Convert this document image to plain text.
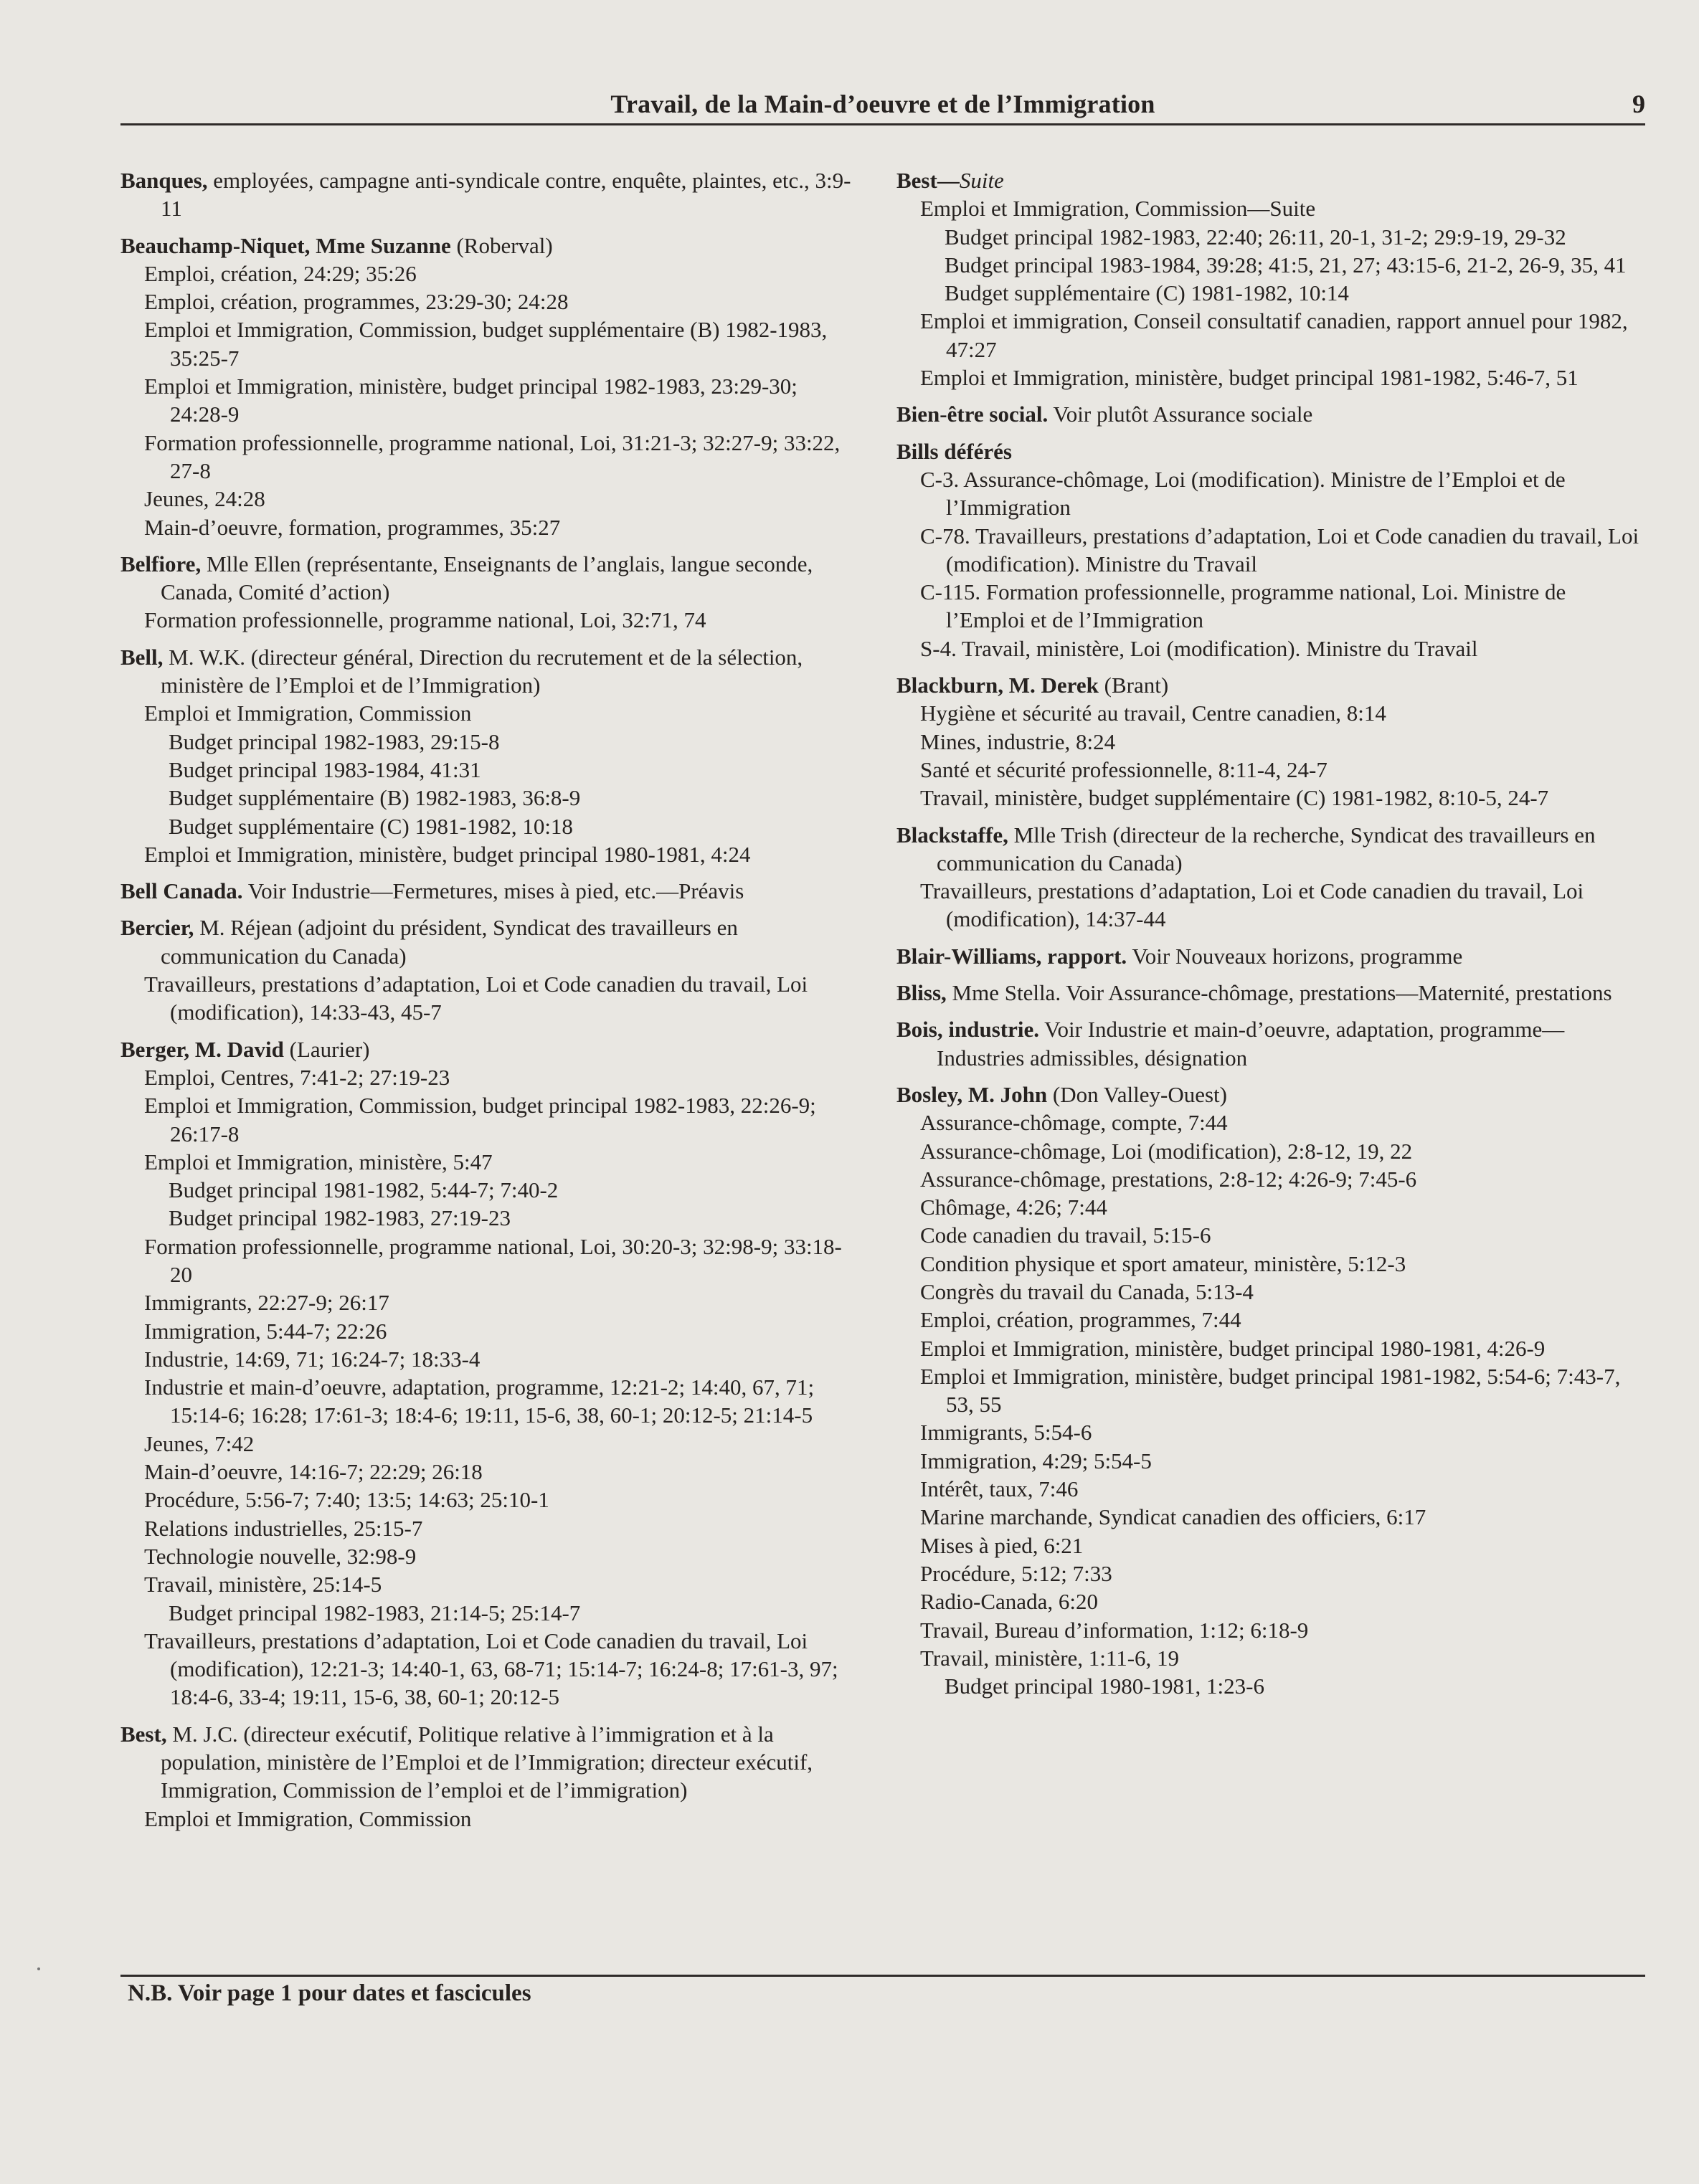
Travail, de la Main-d’oeuvre et de l’Immigration	9
Banques, employées, campagne anti-syndicale contre, enquête, plaintes, etc., 3:9-11
Beauchamp-Niquet, Mme Suzanne (Roberval)
Emploi, création, 24:29; 35:26
Emploi, création, programmes, 23:29-30; 24:28
Emploi et Immigration, Commission, budget supplémentaire (B) 1982-1983, 35:25-7
Emploi et Immigration, ministère, budget principal 1982-1983, 23:29-30; 24:28-9
Formation professionnelle, programme national, Loi, 31:21-3; 32:27-9; 33:22, 27-8
Jeunes, 24:28
Main-d’oeuvre, formation, programmes, 35:27
Belfiore, Mlle Ellen (représentante, Enseignants de l’anglais, langue seconde, Canada, Comité d’action)
Formation professionnelle, programme national, Loi, 32:71, 74
Bell, M. W.K. (directeur général, Direction du recrutement et de la sélection, ministère de l’Emploi et de l’Immigration)
Emploi et Immigration, Commission
Budget principal 1982-1983, 29:15-8
Budget principal 1983-1984, 41:31
Budget supplémentaire (B) 1982-1983, 36:8-9
Budget supplémentaire (C) 1981-1982, 10:18
Emploi et Immigration, ministère, budget principal 1980-1981, 4:24
Bell Canada. Voir Industrie—Fermetures, mises à pied, etc.—Préavis
Bercier, M. Réjean (adjoint du président, Syndicat des travailleurs en communication du Canada)
Travailleurs, prestations d’adaptation, Loi et Code canadien du travail, Loi (modification), 14:33-43, 45-7
Berger, M. David (Laurier)
Emploi, Centres, 7:41-2; 27:19-23
Emploi et Immigration, Commission, budget principal 1982-1983, 22:26-9; 26:17-8
Emploi et Immigration, ministère, 5:47
Budget principal 1981-1982, 5:44-7; 7:40-2
Budget principal 1982-1983, 27:19-23
Formation professionnelle, programme national, Loi, 30:20-3; 32:98-9; 33:18-20
Immigrants, 22:27-9; 26:17
Immigration, 5:44-7; 22:26
Industrie, 14:69, 71; 16:24-7; 18:33-4
Industrie et main-d’oeuvre, adaptation, programme, 12:21-2; 14:40, 67, 71; 15:14-6; 16:28; 17:61-3; 18:4-6; 19:11, 15-6, 38, 60-1; 20:12-5; 21:14-5
Jeunes, 7:42
Main-d’oeuvre, 14:16-7; 22:29; 26:18
Procédure, 5:56-7; 7:40; 13:5; 14:63; 25:10-1
Relations industrielles, 25:15-7
Technologie nouvelle, 32:98-9
Travail, ministère, 25:14-5
Budget principal 1982-1983, 21:14-5; 25:14-7
Travailleurs, prestations d’adaptation, Loi et Code canadien du travail, Loi (modification), 12:21-3; 14:40-1, 63, 68-71; 15:14-7; 16:24-8; 17:61-3, 97; 18:4-6, 33-4; 19:11, 15-6, 38, 60-1; 20:12-5
Best, M. J.C. (directeur exécutif, Politique relative à l’immigration et à la population, ministère de l’Emploi et de l’Immigration; directeur exécutif, Immigration, Commission de l’emploi et de l’immigration)
Emploi et Immigration, Commission
Best—Suite
Emploi et Immigration, Commission—Suite
Budget principal 1982-1983, 22:40; 26:11, 20-1, 31-2; 29:9-19, 29-32
Budget principal 1983-1984, 39:28; 41:5, 21, 27; 43:15-6, 21-2, 26-9, 35, 41
Budget supplémentaire (C) 1981-1982, 10:14
Emploi et immigration, Conseil consultatif canadien, rapport annuel pour 1982, 47:27
Emploi et Immigration, ministère, budget principal 1981-1982, 5:46-7, 51
Bien-être social. Voir plutôt Assurance sociale
Bills déférés
C-3. Assurance-chômage, Loi (modification). Ministre de l’Emploi et de l’Immigration
C-78. Travailleurs, prestations d’adaptation, Loi et Code canadien du travail, Loi (modification). Ministre du Travail
C-115. Formation professionnelle, programme national, Loi. Ministre de l’Emploi et de l’Immigration
S-4. Travail, ministère, Loi (modification). Ministre du Travail
Blackburn, M. Derek (Brant)
Hygiène et sécurité au travail, Centre canadien, 8:14
Mines, industrie, 8:24
Santé et sécurité professionnelle, 8:11-4, 24-7
Travail, ministère, budget supplémentaire (C) 1981-1982, 8:10-5, 24-7
Blackstaffe, Mlle Trish (directeur de la recherche, Syndicat des travailleurs en communication du Canada)
Travailleurs, prestations d’adaptation, Loi et Code canadien du travail, Loi (modification), 14:37-44
Blair-Williams, rapport. Voir Nouveaux horizons, programme
Bliss, Mme Stella. Voir Assurance-chômage, prestations—Maternité, prestations
Bois, industrie. Voir Industrie et main-d’oeuvre, adaptation, programme—Industries admissibles, désignation
Bosley, M. John (Don Valley-Ouest)
Assurance-chômage, compte, 7:44
Assurance-chômage, Loi (modification), 2:8-12, 19, 22
Assurance-chômage, prestations, 2:8-12; 4:26-9; 7:45-6
Chômage, 4:26; 7:44
Code canadien du travail, 5:15-6
Condition physique et sport amateur, ministère, 5:12-3
Congrès du travail du Canada, 5:13-4
Emploi, création, programmes, 7:44
Emploi et Immigration, ministère, budget principal 1980-1981, 4:26-9
Emploi et Immigration, ministère, budget principal 1981-1982, 5:54-6; 7:43-7, 53, 55
Immigrants, 5:54-6
Immigration, 4:29; 5:54-5
Intérêt, taux, 7:46
Marine marchande, Syndicat canadien des officiers, 6:17
Mises à pied, 6:21
Procédure, 5:12; 7:33
Radio-Canada, 6:20
Travail, Bureau d’information, 1:12; 6:18-9
Travail, ministère, 1:11-6, 19
Budget principal 1980-1981, 1:23-6
N.B. Voir page 1 pour dates et fascicules
